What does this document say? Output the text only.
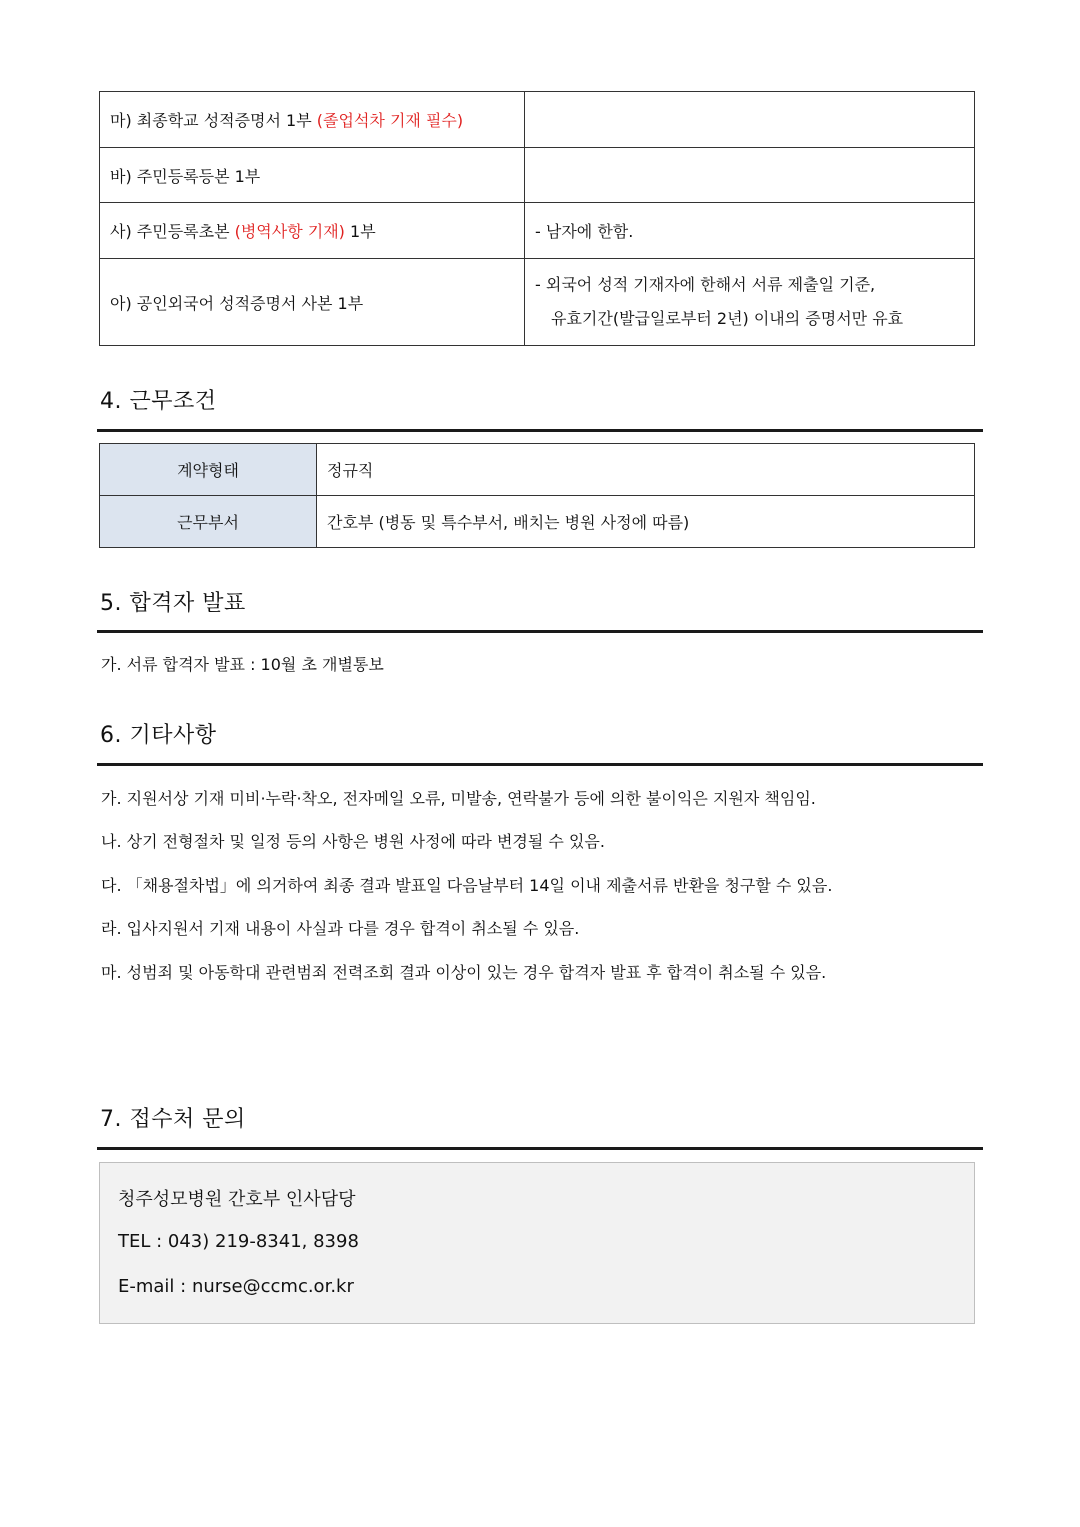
마) 최종학교 성적증명서 1부 (졸업석차 기재 필수)	
바) 주민등록등본 1부	
사) 주민등록초본 (병역사항 기재) 1부	- 남자에 한함.
아) 공인외국어 성적증명서 사본 1부	- 외국어 성적 기재자에 한해서 서류 제출일 기준,
유효기간(발급일로부터 2년) 이내의 증명서만 유효
4. 근무조건
계약형태	정규직
근무부서	간호부 (병동 및 특수부서, 배치는 병원 사정에 따름)
5. 합격자 발표
가. 서류 합격자 발표 : 10월 초 개별통보
6. 기타사항
가. 지원서상 기재 미비·누락·착오, 전자메일 오류, 미발송, 연락불가 등에 의한 불이익은 지원자 책임임.
나. 상기 전형절차 및 일정 등의 사항은 병원 사정에 따라 변경될 수 있음.
다. 「채용절차법」에 의거하여 최종 결과 발표일 다음날부터 14일 이내 제출서류 반환을 청구할 수 있음.
라. 입사지원서 기재 내용이 사실과 다를 경우 합격이 취소될 수 있음.
마. 성범죄 및 아동학대 관련범죄 전력조회 결과 이상이 있는 경우 합격자 발표 후 합격이 취소될 수 있음.
7. 접수처 문의
청주성모병원 간호부 인사담당
TEL : 043) 219-8341, 8398
E-mail : nurse@ccmc.or.kr
